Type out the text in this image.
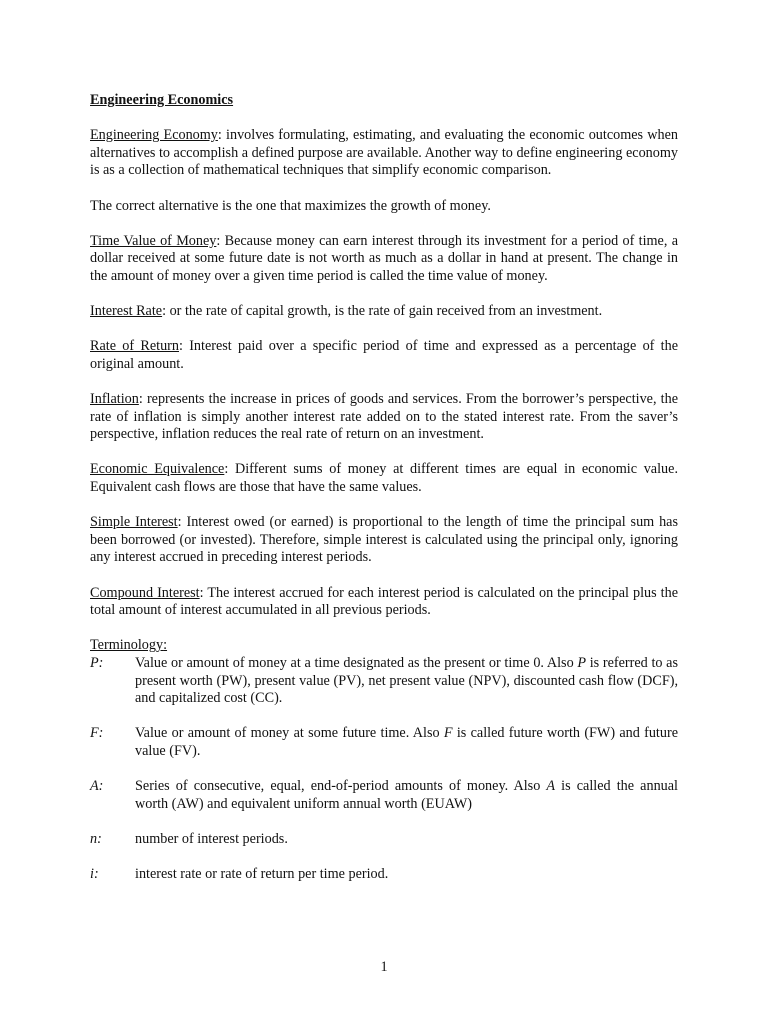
Engineering Economics

Engineering Economy: involves formulating, estimating, and evaluating the economic outcomes when alternatives to accomplish a defined purpose are available. Another way to define engineering economy is as a collection of mathematical techniques that simplify economic comparison.

The correct alternative is the one that maximizes the growth of money.

Time Value of Money: Because money can earn interest through its investment for a period of time, a dollar received at some future date is not worth as much as a dollar in hand at present. The change in the amount of money over a given time period is called the time value of money.

Interest Rate: or the rate of capital growth, is the rate of gain received from an investment.

Rate of Return: Interest paid over a specific period of time and expressed as a percentage of the original amount.

Inflation: represents the increase in prices of goods and services. From the borrower’s perspective, the rate of inflation is simply another interest rate added on to the stated interest rate. From the saver’s perspective, inflation reduces the real rate of return on an investment.

Economic Equivalence: Different sums of money at different times are equal in economic value. Equivalent cash flows are those that have the same values.

Simple Interest: Interest owed (or earned) is proportional to the length of time the principal sum has been borrowed (or invested). Therefore, simple interest is calculated using the principal only, ignoring any interest accrued in preceding interest periods.

Compound Interest: The interest accrued for each interest period is calculated on the principal plus the total amount of interest accumulated in all previous periods.

Terminology:

P:	Value or amount of money at a time designated as the present or time 0. Also P is referred to as present worth (PW), present value (PV), net present value (NPV), discounted cash flow (DCF), and capitalized cost (CC).
F:	Value or amount of money at some future time. Also F is called future worth (FW) and future value (FV).
A:	Series of consecutive, equal, end-of-period amounts of money. Also A is called the annual worth (AW) and equivalent uniform annual worth (EUAW)
n:	number of interest periods.
i:	interest rate or rate of return per time period.
1
